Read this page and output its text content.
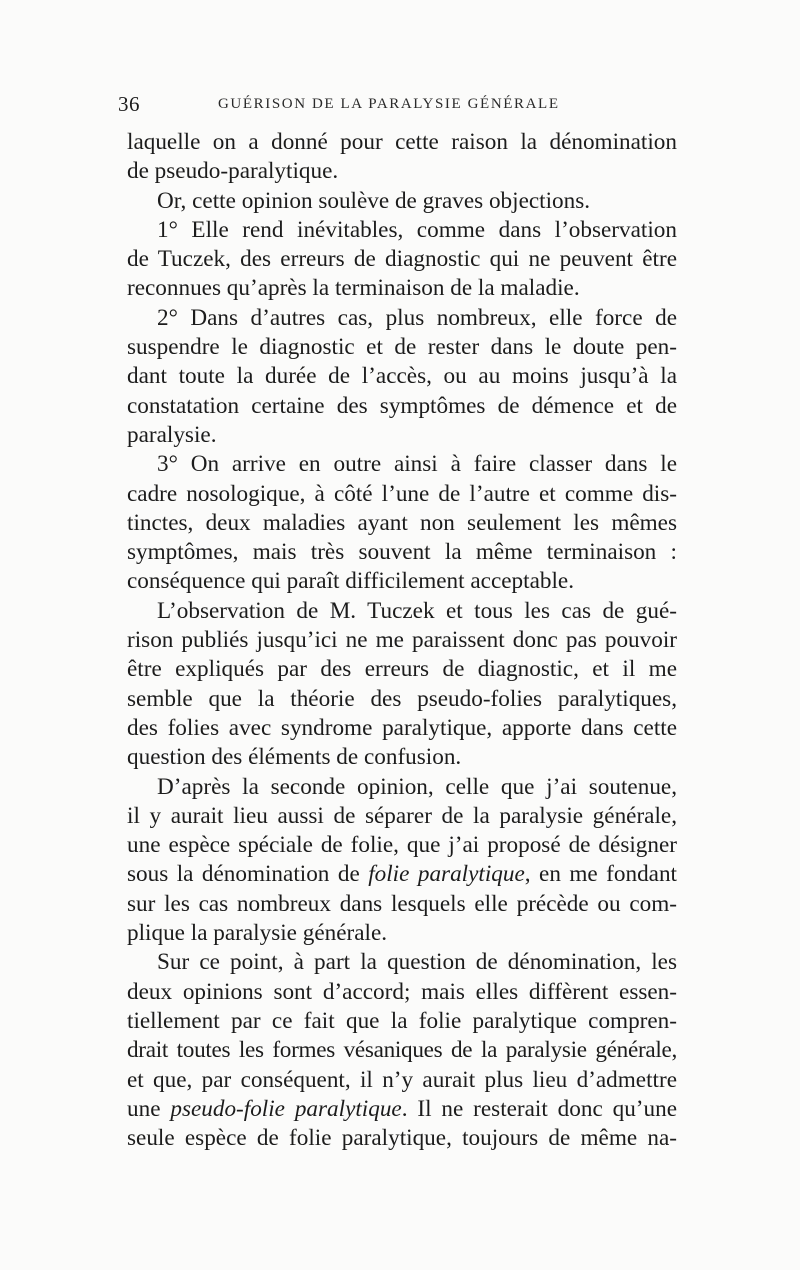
36	GUÉRISON DE LA PARALYSIE GÉNÉRALE
laquelle on a donné pour cette raison la dénomination
de pseudo-paralytique.
Or, cette opinion soulève de graves objections.
1° Elle rend inévitables, comme dans l’observation
de Tuczek, des erreurs de diagnostic qui ne peuvent être
reconnues qu’après la terminaison de la maladie.
2° Dans d’autres cas, plus nombreux, elle force de
suspendre le diagnostic et de rester dans le doute pen-
dant toute la durée de l’accès, ou au moins jusqu’à la
constatation certaine des symptômes de démence et de
paralysie.
3° On arrive en outre ainsi à faire classer dans le
cadre nosologique, à côté l’une de l’autre et comme dis-
tinctes, deux maladies ayant non seulement les mêmes
symptômes, mais très souvent la même terminaison :
conséquence qui paraît difficilement acceptable.
L’observation de M. Tuczek et tous les cas de gué-
rison publiés jusqu’ici ne me paraissent donc pas pouvoir
être expliqués par des erreurs de diagnostic, et il me
semble que la théorie des pseudo-folies paralytiques,
des folies avec syndrome paralytique, apporte dans cette
question des éléments de confusion.
D’après la seconde opinion, celle que j’ai soutenue,
il y aurait lieu aussi de séparer de la paralysie générale,
une espèce spéciale de folie, que j’ai proposé de désigner
sous la dénomination de folie paralytique, en me fondant
sur les cas nombreux dans lesquels elle précède ou com-
plique la paralysie générale.
Sur ce point, à part la question de dénomination, les
deux opinions sont d’accord; mais elles diffèrent essen-
tiellement par ce fait que la folie paralytique compren-
drait toutes les formes vésaniques de la paralysie générale,
et que, par conséquent, il n’y aurait plus lieu d’admettre
une pseudo-folie paralytique. Il ne resterait donc qu’une
seule espèce de folie paralytique, toujours de même na-
